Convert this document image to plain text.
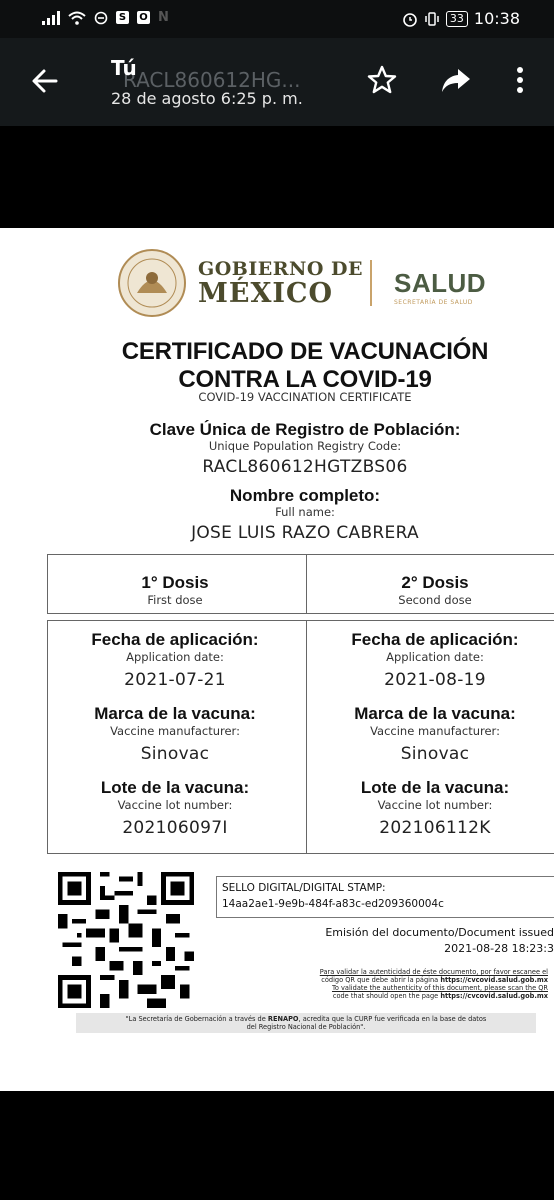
S O N	33 10:38
RACL860612HG...
Tú
28 de agosto 6:25 p. m.
GOBIERNO DE
MÉXICO	SALUD
SECRETARÍA DE SALUD
CERTIFICADO DE VACUNACIÓN
CONTRA LA COVID-19
COVID-19 VACCINATION CERTIFICATE
Clave Única de Registro de Población:
Unique Population Registry Code:
RACL860612HGTZBS06
Nombre completo:
Full name:
JOSE LUIS RAZO CABRERA
1° Dosis
First dose
2° Dosis
Second dose
Fecha de aplicación:
Application date:
2021-07-21
Marca de la vacuna:
Vaccine manufacturer:
Sinovac
Lote de la vacuna:
Vaccine lot number:
202106097I
Fecha de aplicación:
Application date:
2021-08-19
Marca de la vacuna:
Vaccine manufacturer:
Sinovac
Lote de la vacuna:
Vaccine lot number:
202106112K
SELLO DIGITAL/DIGITAL STAMP:
14aa2ae1-9e9b-484f-a83c-ed209360004c
Emisión del documento/Document issued
2021-08-28 18:23:3
Para validar la autenticidad de éste documento, por favor escanee el
código QR que debe abrir la página https://cvcovid.salud.gob.mx
To validate the authenticity of this document, please scan the QR
code that should open the page https://cvcovid.salud.gob.mx
"La Secretaría de Gobernación a través de RENAPO, acredita que la CURP fue verificada en la base de datos
del Registro Nacional de Población".
